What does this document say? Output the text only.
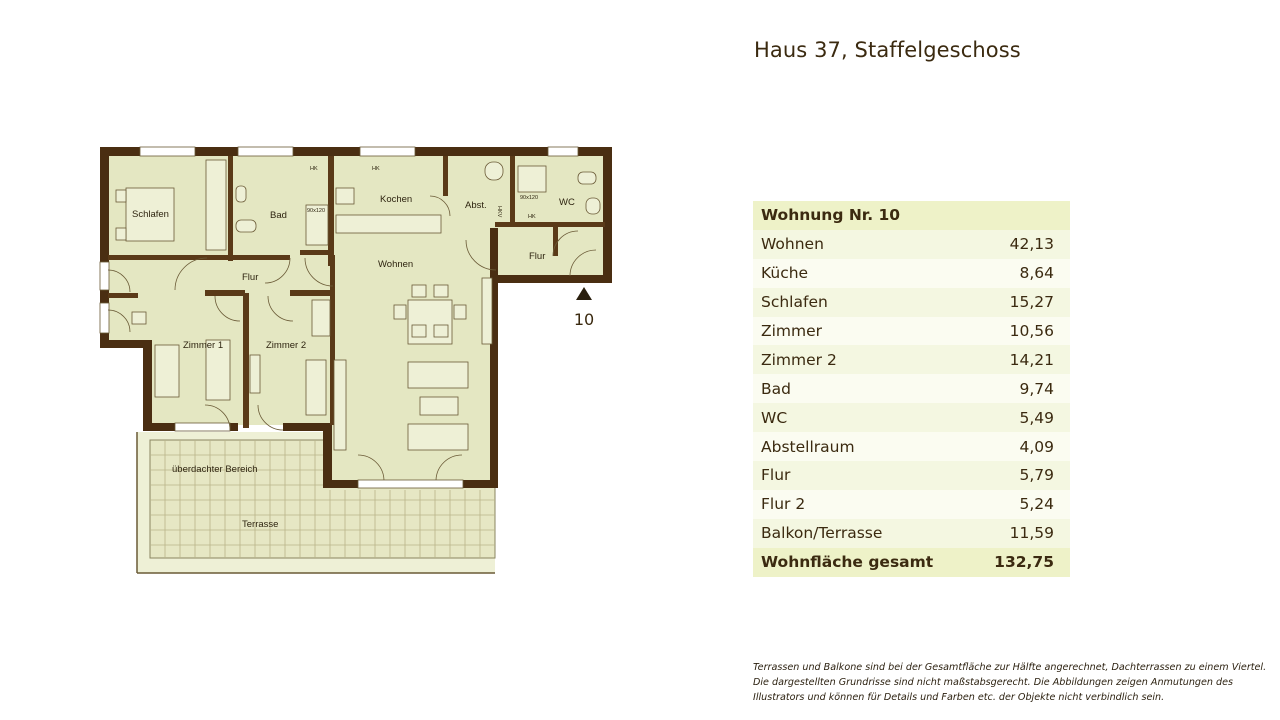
Haus 37, Staffelgeschoss
Schlafen	Bad
Kochen
Abst.	WC
Flur
Flur
Wohnen
Zimmer 1	Zimmer 2
überdachter Bereich
Terrasse
HK	HK
HK
HKV
90x120
90x120
10
Wohnung Nr. 10
Wohnen	42,13
Küche	8,64
Schlafen	15,27
Zimmer	10,56
Zimmer 2	14,21
Bad	9,74
WC	5,49
Abstellraum	4,09
Flur	5,79
Flur 2	5,24
Balkon/Terrasse	11,59
Wohnfläche gesamt	132,75
Terrassen und Balkone sind bei der Gesamtfläche zur Hälfte angerechnet, Dachterrassen zu einem Viertel.
Die dargestellten Grundrisse sind nicht maßstabsgerecht. Die Abbildungen zeigen Anmutungen des
Illustrators und können für Details und Farben etc. der Objekte nicht verbindlich sein.
